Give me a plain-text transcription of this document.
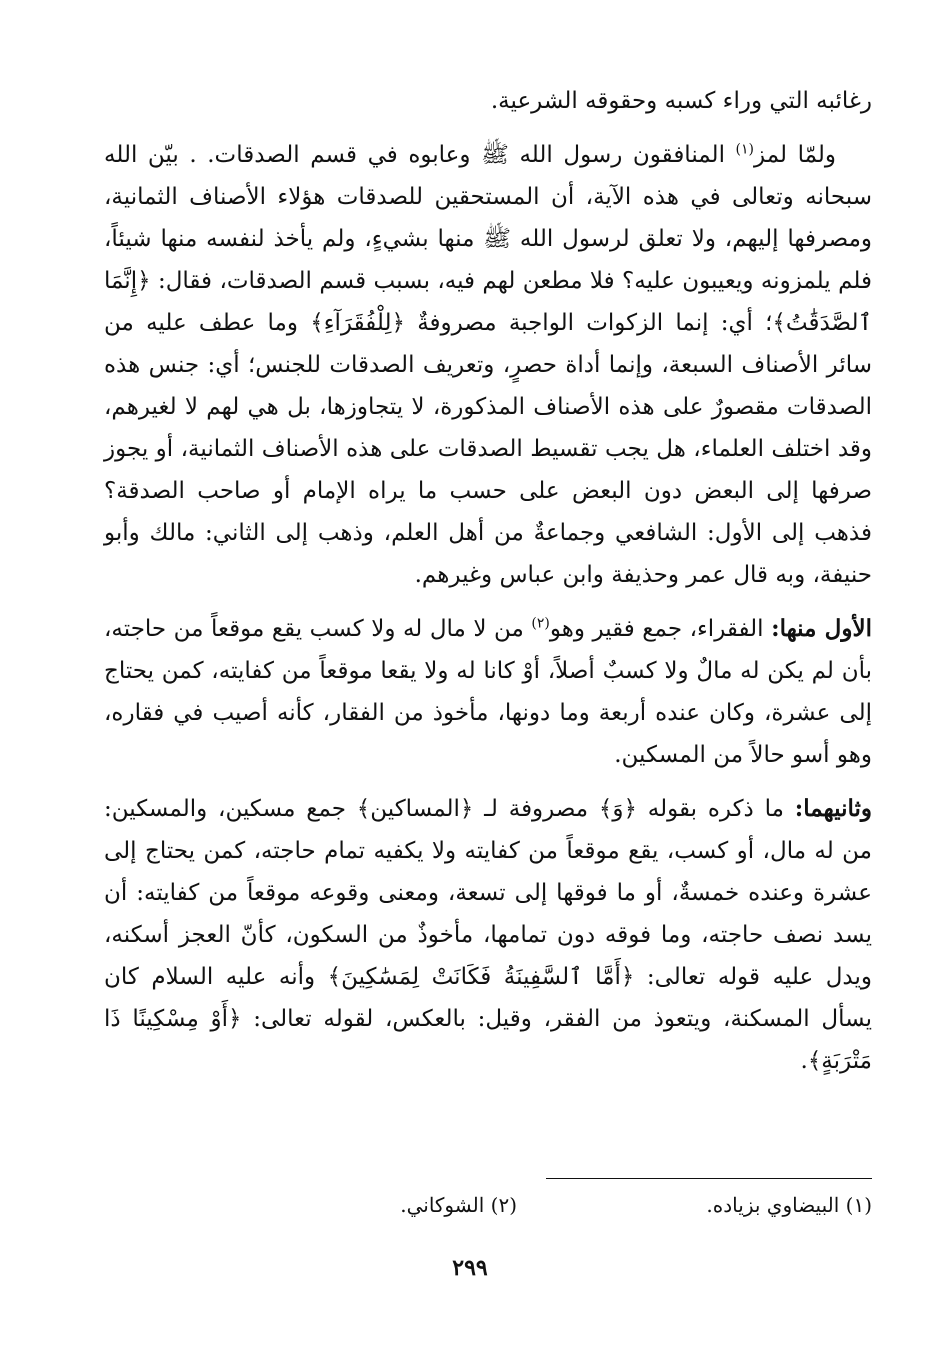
رغائبه التي وراء كسبه وحقوقه الشرعية.

ولمّا لمز$^{(١)}$ المنافقون رسول الله ﷺ وعابوه في قسم الصدقات. . بيّن الله سبحانه وتعالى في هذه الآية، أن المستحقين للصدقات هؤلاء الأصناف الثمانية، ومصرفها إليهم، ولا تعلق لرسول الله ﷺ منها بشيءٍ، ولم يأخذ لنفسه منها شيئاً، فلم يلمزونه ويعيبون عليه؟ فلا مطعن لهم فيه، بسبب قسم الصدقات، فقال: ﴿إِنَّمَا ٱلصَّدَقَٰتُ﴾؛ أي: إنما الزكوات الواجبة مصروفةٌ ﴿لِلْفُقَرَآءِ﴾ وما عطف عليه من سائر الأصناف السبعة، وإنما أداة حصرٍ، وتعريف الصدقات للجنس؛ أي: جنس هذه الصدقات مقصورٌ على هذه الأصناف المذكورة، لا يتجاوزها، بل هي لهم لا لغيرهم، وقد اختلف العلماء، هل يجب تقسيط الصدقات على هذه الأصناف الثمانية، أو يجوز صرفها إلى البعض دون البعض على حسب ما يراه الإمام أو صاحب الصدقة؟ فذهب إلى الأول: الشافعي وجماعةٌ من أهل العلم، وذهب إلى الثاني: مالك وأبو حنيفة، وبه قال عمر وحذيفة وابن عباس وغيرهم.

الأول منها: الفقراء، جمع فقير وهو$^{(٢)}$ من لا مال له ولا كسب يقع موقعاً من حاجته، بأن لم يكن له مالٌ ولا كسبٌ أصلاً، أوْ كانا له ولا يقعا موقعاً من كفايته، كمن يحتاج إلى عشرة، وكان عنده أربعة وما دونها، مأخوذ من الفقار، كأنه أصيب في فقاره، وهو أسو حالاً من المسكين.

وثانيهما: ما ذكره بقوله ﴿وَ﴾ مصروفة لـ ﴿المساكين﴾ جمع مسكين، والمسكين: من له مال، أو كسب، يقع موقعاً من كفايته ولا يكفيه تمام حاجته، كمن يحتاج إلى عشرة وعنده خمسةٌ، أو ما فوقها إلى تسعة، ومعنى وقوعه موقعاً من كفايته: أن يسد نصف حاجته، وما فوقه دون تمامها، مأخوذٌ من السكون، كأنّ العجز أسكنه، ويدل عليه قوله تعالى: ﴿أَمَّا ٱلسَّفِينَةُ فَكَانَتْ لِمَسَٰكِينَ﴾ وأنه عليه السلام كان يسأل المسكنة، ويتعوذ من الفقر، وقيل: بالعكس، لقوله تعالى: ﴿أَوْ مِسْكِينًا ذَا مَتْرَبَةٍ﴾.

(١) البيضاوي بزياده.
(٢) الشوكاني.
٢٩٩
